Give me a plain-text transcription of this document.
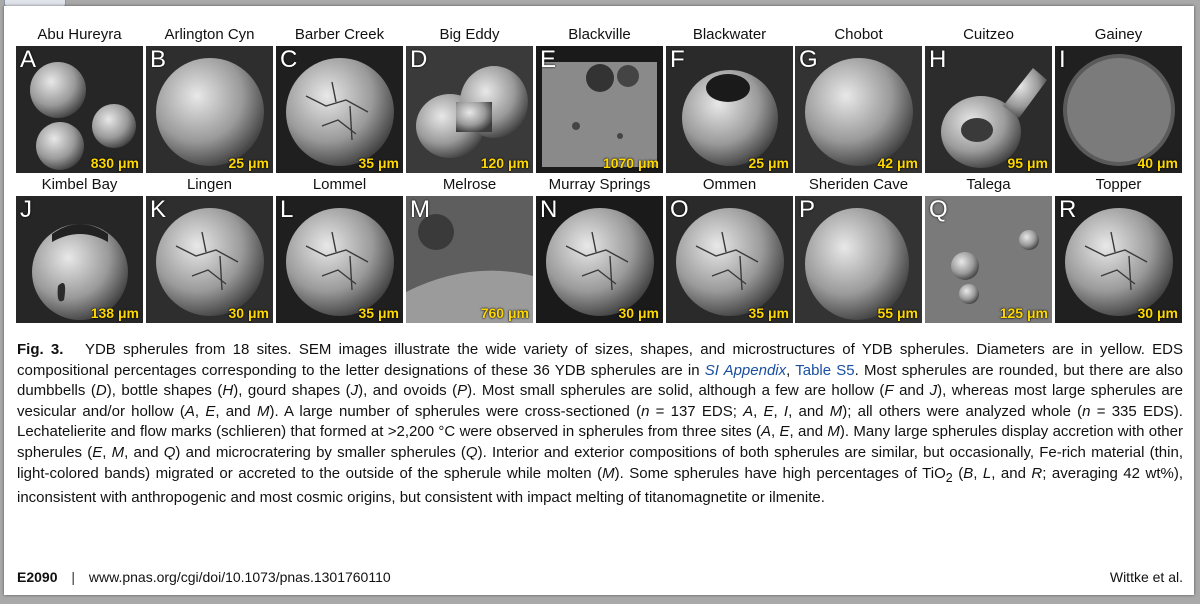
Abu Hureyra
A
830 μm
Arlington Cyn
B
25 μm
Barber Creek
C
35 μm
Big Eddy
D
120 μm
Blackville
E
1070 μm
Blackwater
F
25 μm
Chobot
G
42 μm
Cuitzeo
H
95 μm
Gainey
I
40 μm
Kimbel Bay
J
138 μm
Lingen
K
30 μm
Lommel
L
35 μm
Melrose
M
760 μm
Murray Springs
N
30 μm
Ommen
O
35 μm
Sheriden Cave
P
55 μm
Talega
Q
125 μm
Topper
R
30 μm

Fig. 3. YDB spherules from 18 sites. SEM images illustrate the wide variety of sizes, shapes, and microstructures of YDB spherules. Diameters are in yellow. EDS compositional percentages corresponding to the letter designations of these 36 YDB spherules are in SI Appendix, Table S5. Most spherules are rounded, but there are also dumbbells (D), bottle shapes (H), gourd shapes (J), and ovoids (P). Most small spherules are solid, although a few are hollow (F and J), whereas most large spherules are vesicular and/or hollow (A, E, and M). A large number of spherules were cross-sectioned (n = 137 EDS; A, E, I, and M); all others were analyzed whole (n = 335 EDS). Lechatelierite and flow marks (schlieren) that formed at >2,200 °C were observed in spherules from three sites (A, E, and M). Many large spherules display accretion with other spherules (E, M, and Q) and microcratering by smaller spherules (Q). Interior and exterior compositions of both spherules are similar, but occasionally, Fe-rich material (thin, light-colored bands) migrated or accreted to the outside of the spherule while molten (M). Some spherules have high percentages of TiO$_2$ (B, L, and R; averaging 42 wt%), inconsistent with anthropogenic and most cosmic origins, but consistent with impact melting of titanomagnetite or ilmenite.

E2090 | www.pnas.org/cgi/doi/10.1073/pnas.1301760110	Wittke et al.
